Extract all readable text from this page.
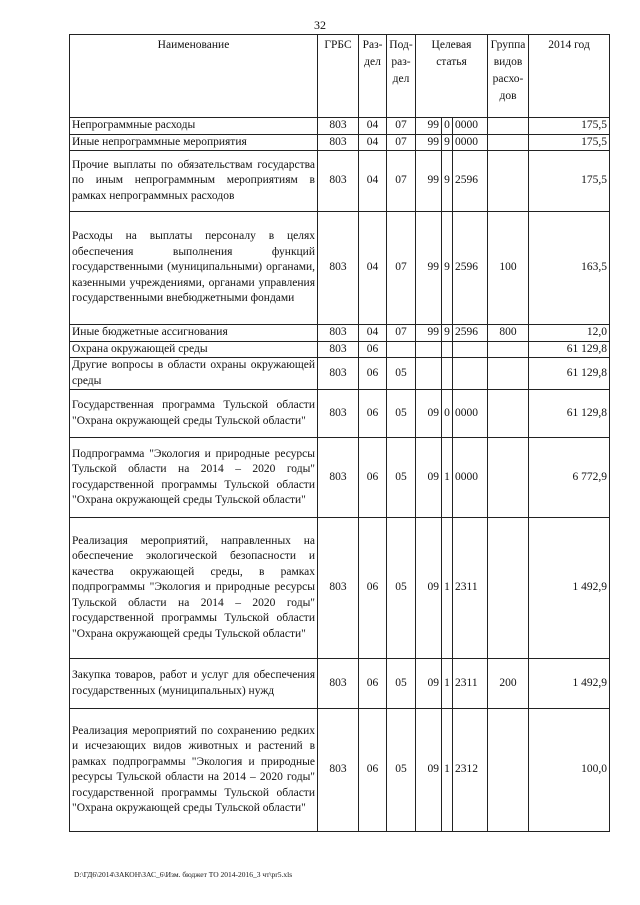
32
Наименование	ГРБС	Раз-дел	Под-раз-дел	Целевая статья			Группа видов расхо-дов	2014 год
Непрограммные расходы	803	04	07	99	0	0000		175,5
Иные непрограммные мероприятия	803	04	07	99	9	0000		175,5
Прочие выплаты по обязательствам государства по иным непрограммным мероприятиям в рамках непрограммных расходов	803	04	07	99	9	2596		175,5
Расходы на выплаты персоналу в целях обеспечения выполнения функций государственными (муниципальными) органами, казенными учреждениями, органами управления государственными внебюджетными фондами	803	04	07	99	9	2596	100	163,5
Иные бюджетные ассигнования	803	04	07	99	9	2596	800	12,0
Охрана окружающей среды	803	06						61 129,8
Другие вопросы в области охраны окружающей среды	803	06	05					61 129,8
Государственная программа Тульской области "Охрана окружающей среды Тульской области"	803	06	05	09	0	0000		61 129,8
Подпрограмма "Экология и природные ресурсы Тульской области на 2014 – 2020 годы" государственной программы Тульской области "Охрана окружающей среды Тульской области"	803	06	05	09	1	0000		6 772,9
Реализация мероприятий, направленных на обеспечение экологической безопасности и качества окружающей среды, в рамках подпрограммы "Экология и природные ресурсы Тульской области на 2014 – 2020 годы" государственной программы Тульской области "Охрана окружающей среды Тульской области"	803	06	05	09	1	2311		1 492,9
Закупка товаров, работ и услуг для обеспечения государственных (муниципальных) нужд	803	06	05	09	1	2311	200	1 492,9
Реализация мероприятий по сохранению редких и исчезающих видов животных и растений в рамках подпрограммы "Экология и природные ресурсы Тульской области на 2014 – 2020 годы" государственной программы Тульской области "Охрана окружающей среды Тульской области"	803	06	05	09	1	2312		100,0
D:\ГД6\2014\ЗАКОН\ЗАС_6\Изм. бюджет ТО 2014-2016_3 чт\pr5.xls
